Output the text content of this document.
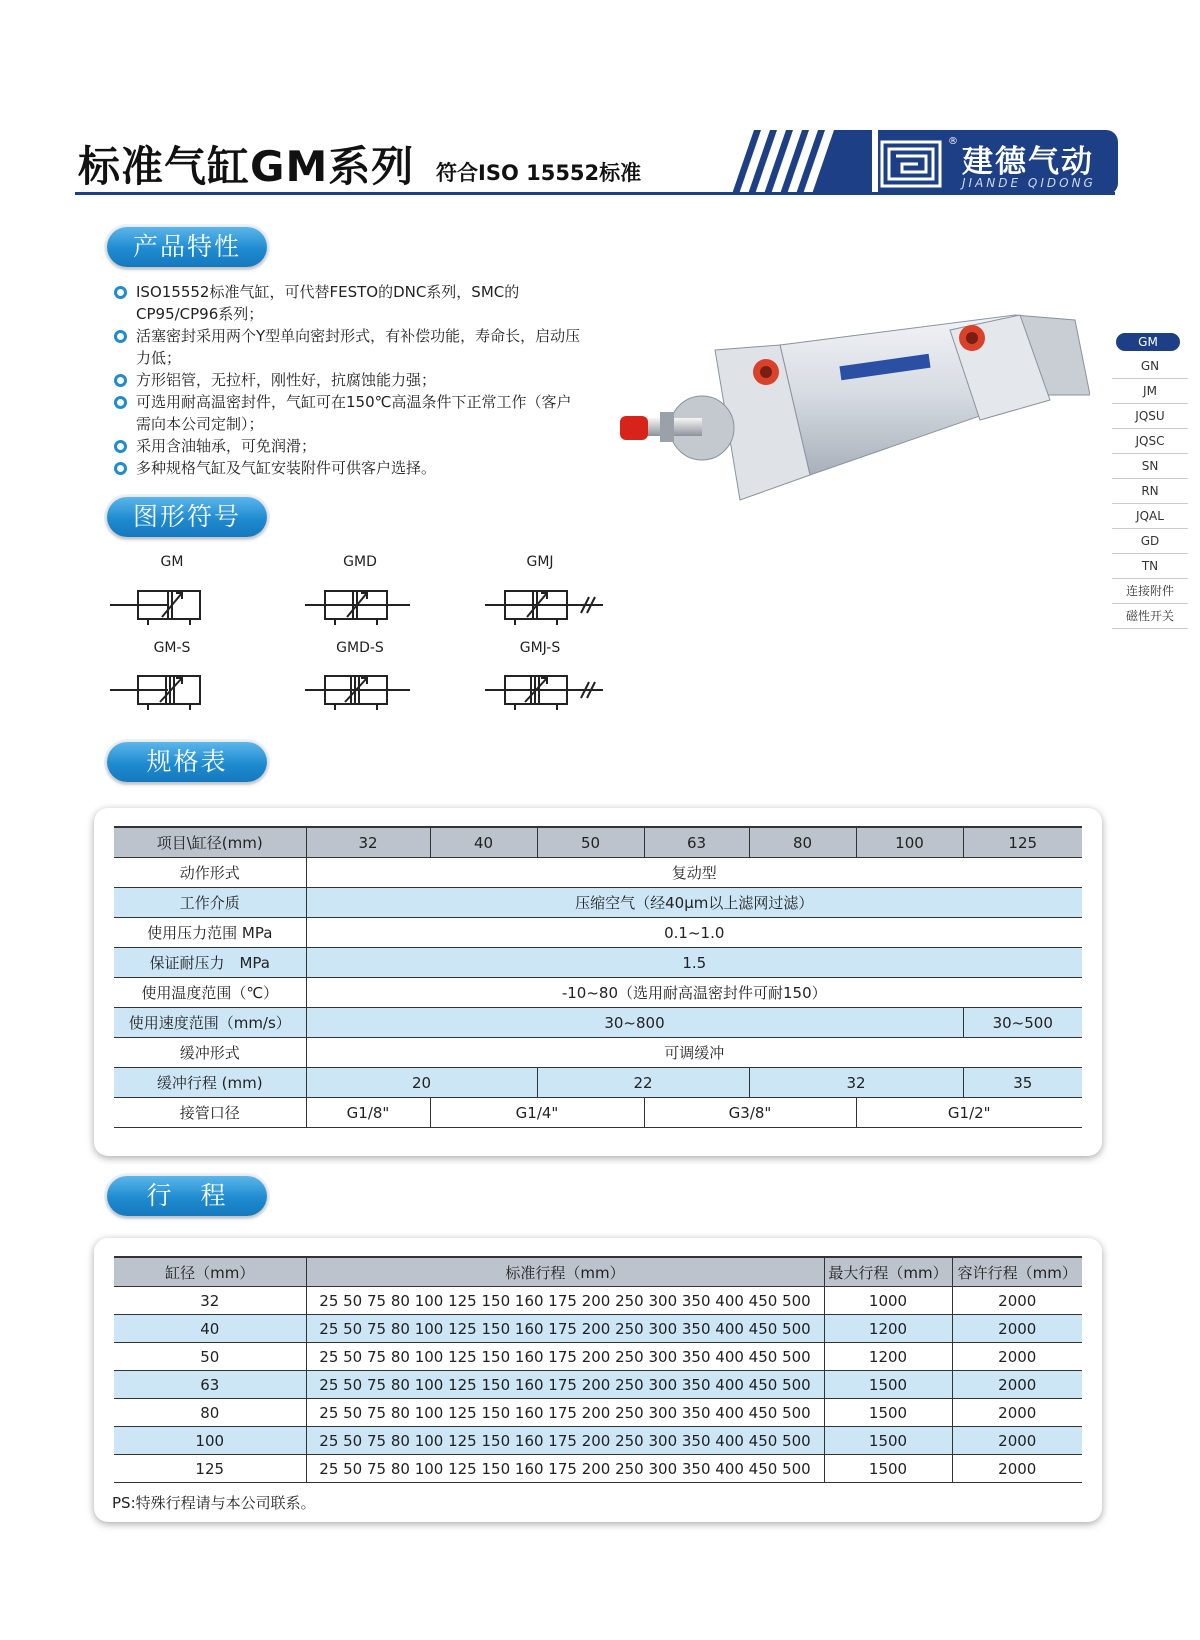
标准气缸GM系列 符合ISO 15552标准
®
建德气动
JIANDE QIDONG
产品特性
ISO15552标准气缸，可代替FESTO的DNC系列，SMC的CP95/CP96系列；
活塞密封采用两个Y型单向密封形式，有补偿功能，寿命长，启动压力低；
方形铝管，无拉杆，刚性好，抗腐蚀能力强；
可选用耐高温密封件，气缸可在150℃高温条件下正常工作（客户需向本公司定制）；
采用含油轴承，可免润滑；
多种规格气缸及气缸安装附件可供客户选择。
图形符号
GM	GMD	GMJ
GM-S	GMD-S	GMJ-S
GM
GN
JM
JQSU
JQSC
SN
RN
JQAL
GD
TN
连接附件
磁性开关
规格表
项目\缸径(mm)	32	40	50	63	80	100	125
动作形式	复动型						
工作介质	压缩空气（经40μm以上滤网过滤）						
使用压力范围 MPa	0.1~1.0						
保证耐压力　MPa	1.5						
使用温度范围（℃）	-10~80（选用耐高温密封件可耐150）						
使用速度范围（mm/s）	30~800						30~500
缓冲形式	可调缓冲						
缓冲行程 (mm)	20		22		32		35
接管口径	G1/8"	G1/4"		G3/8"		G1/2"	
行　程
缸径（mm）	标准行程（mm）	最大行程（mm）	容许行程（mm）
32	25 50 75 80 100 125 150 160 175 200 250 300 350 400 450 500	1000	2000
40	25 50 75 80 100 125 150 160 175 200 250 300 350 400 450 500	1200	2000
50	25 50 75 80 100 125 150 160 175 200 250 300 350 400 450 500	1200	2000
63	25 50 75 80 100 125 150 160 175 200 250 300 350 400 450 500	1500	2000
80	25 50 75 80 100 125 150 160 175 200 250 300 350 400 450 500	1500	2000
100	25 50 75 80 100 125 150 160 175 200 250 300 350 400 450 500	1500	2000
125	25 50 75 80 100 125 150 160 175 200 250 300 350 400 450 500	1500	2000
PS:特殊行程请与本公司联系。
